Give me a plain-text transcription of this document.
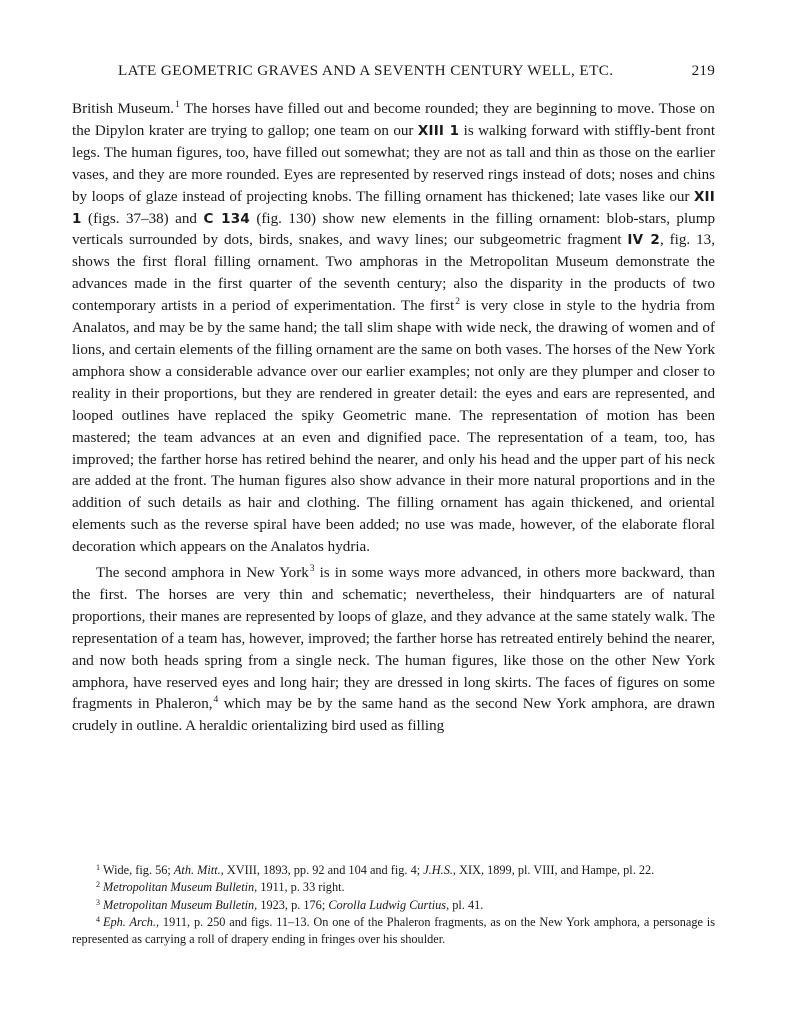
LATE GEOMETRIC GRAVES AND A SEVENTH CENTURY WELL, ETC.	219

British Museum.$^1$ The horses have filled out and become rounded; they are beginning to move. Those on the Dipylon krater are trying to gallop; one team on our XIII 1 is walking forward with stiffly-bent front legs. The human figures, too, have filled out somewhat; they are not as tall and thin as those on the earlier vases, and they are more rounded. Eyes are represented by reserved rings instead of dots; noses and chins by loops of glaze instead of projecting knobs. The filling ornament has thickened; late vases like our XII 1 (figs. 37–38) and C 134 (fig. 130) show new elements in the filling ornament: blob-stars, plump verticals surrounded by dots, birds, snakes, and wavy lines; our subgeometric fragment IV 2, fig. 13, shows the first floral filling ornament. Two amphoras in the Metropolitan Museum demonstrate the advances made in the first quarter of the seventh century; also the disparity in the products of two contemporary artists in a period of experimentation. The first$^2$ is very close in style to the hydria from Analatos, and may be by the same hand; the tall slim shape with wide neck, the drawing of women and of lions, and certain elements of the filling ornament are the same on both vases. The horses of the New York amphora show a considerable advance over our earlier examples; not only are they plumper and closer to reality in their proportions, but they are rendered in greater detail: the eyes and ears are represented, and looped outlines have replaced the spiky Geometric mane. The representation of motion has been mastered; the team advances at an even and dignified pace. The representation of a team, too, has improved; the farther horse has retired behind the nearer, and only his head and the upper part of his neck are added at the front. The human figures also show advance in their more natural proportions and in the addition of such details as hair and clothing. The filling ornament has again thickened, and oriental elements such as the reverse spiral have been added; no use was made, however, of the elaborate floral decoration which appears on the Analatos hydria.

The second amphora in New York$^3$ is in some ways more advanced, in others more backward, than the first. The horses are very thin and schematic; nevertheless, their hindquarters are of natural proportions, their manes are represented by loops of glaze, and they advance at the same stately walk. The representation of a team has, however, improved; the farther horse has retreated entirely behind the nearer, and now both heads spring from a single neck. The human figures, like those on the other New York amphora, have reserved eyes and long hair; they are dressed in long skirts. The faces of figures on some fragments in Phaleron,$^4$ which may be by the same hand as the second New York amphora, are drawn crudely in outline. A heraldic orientalizing bird used as filling

$^1$ Wide, fig. 56; Ath. Mitt., XVIII, 1893, pp. 92 and 104 and fig. 4; J.H.S., XIX, 1899, pl. VIII, and Hampe, pl. 22.

$^2$ Metropolitan Museum Bulletin, 1911, p. 33 right.

$^3$ Metropolitan Museum Bulletin, 1923, p. 176; Corolla Ludwig Curtius, pl. 41.

$^4$ Eph. Arch., 1911, p. 250 and figs. 11–13. On one of the Phaleron fragments, as on the New York amphora, a personage is represented as carrying a roll of drapery ending in fringes over his shoulder.
